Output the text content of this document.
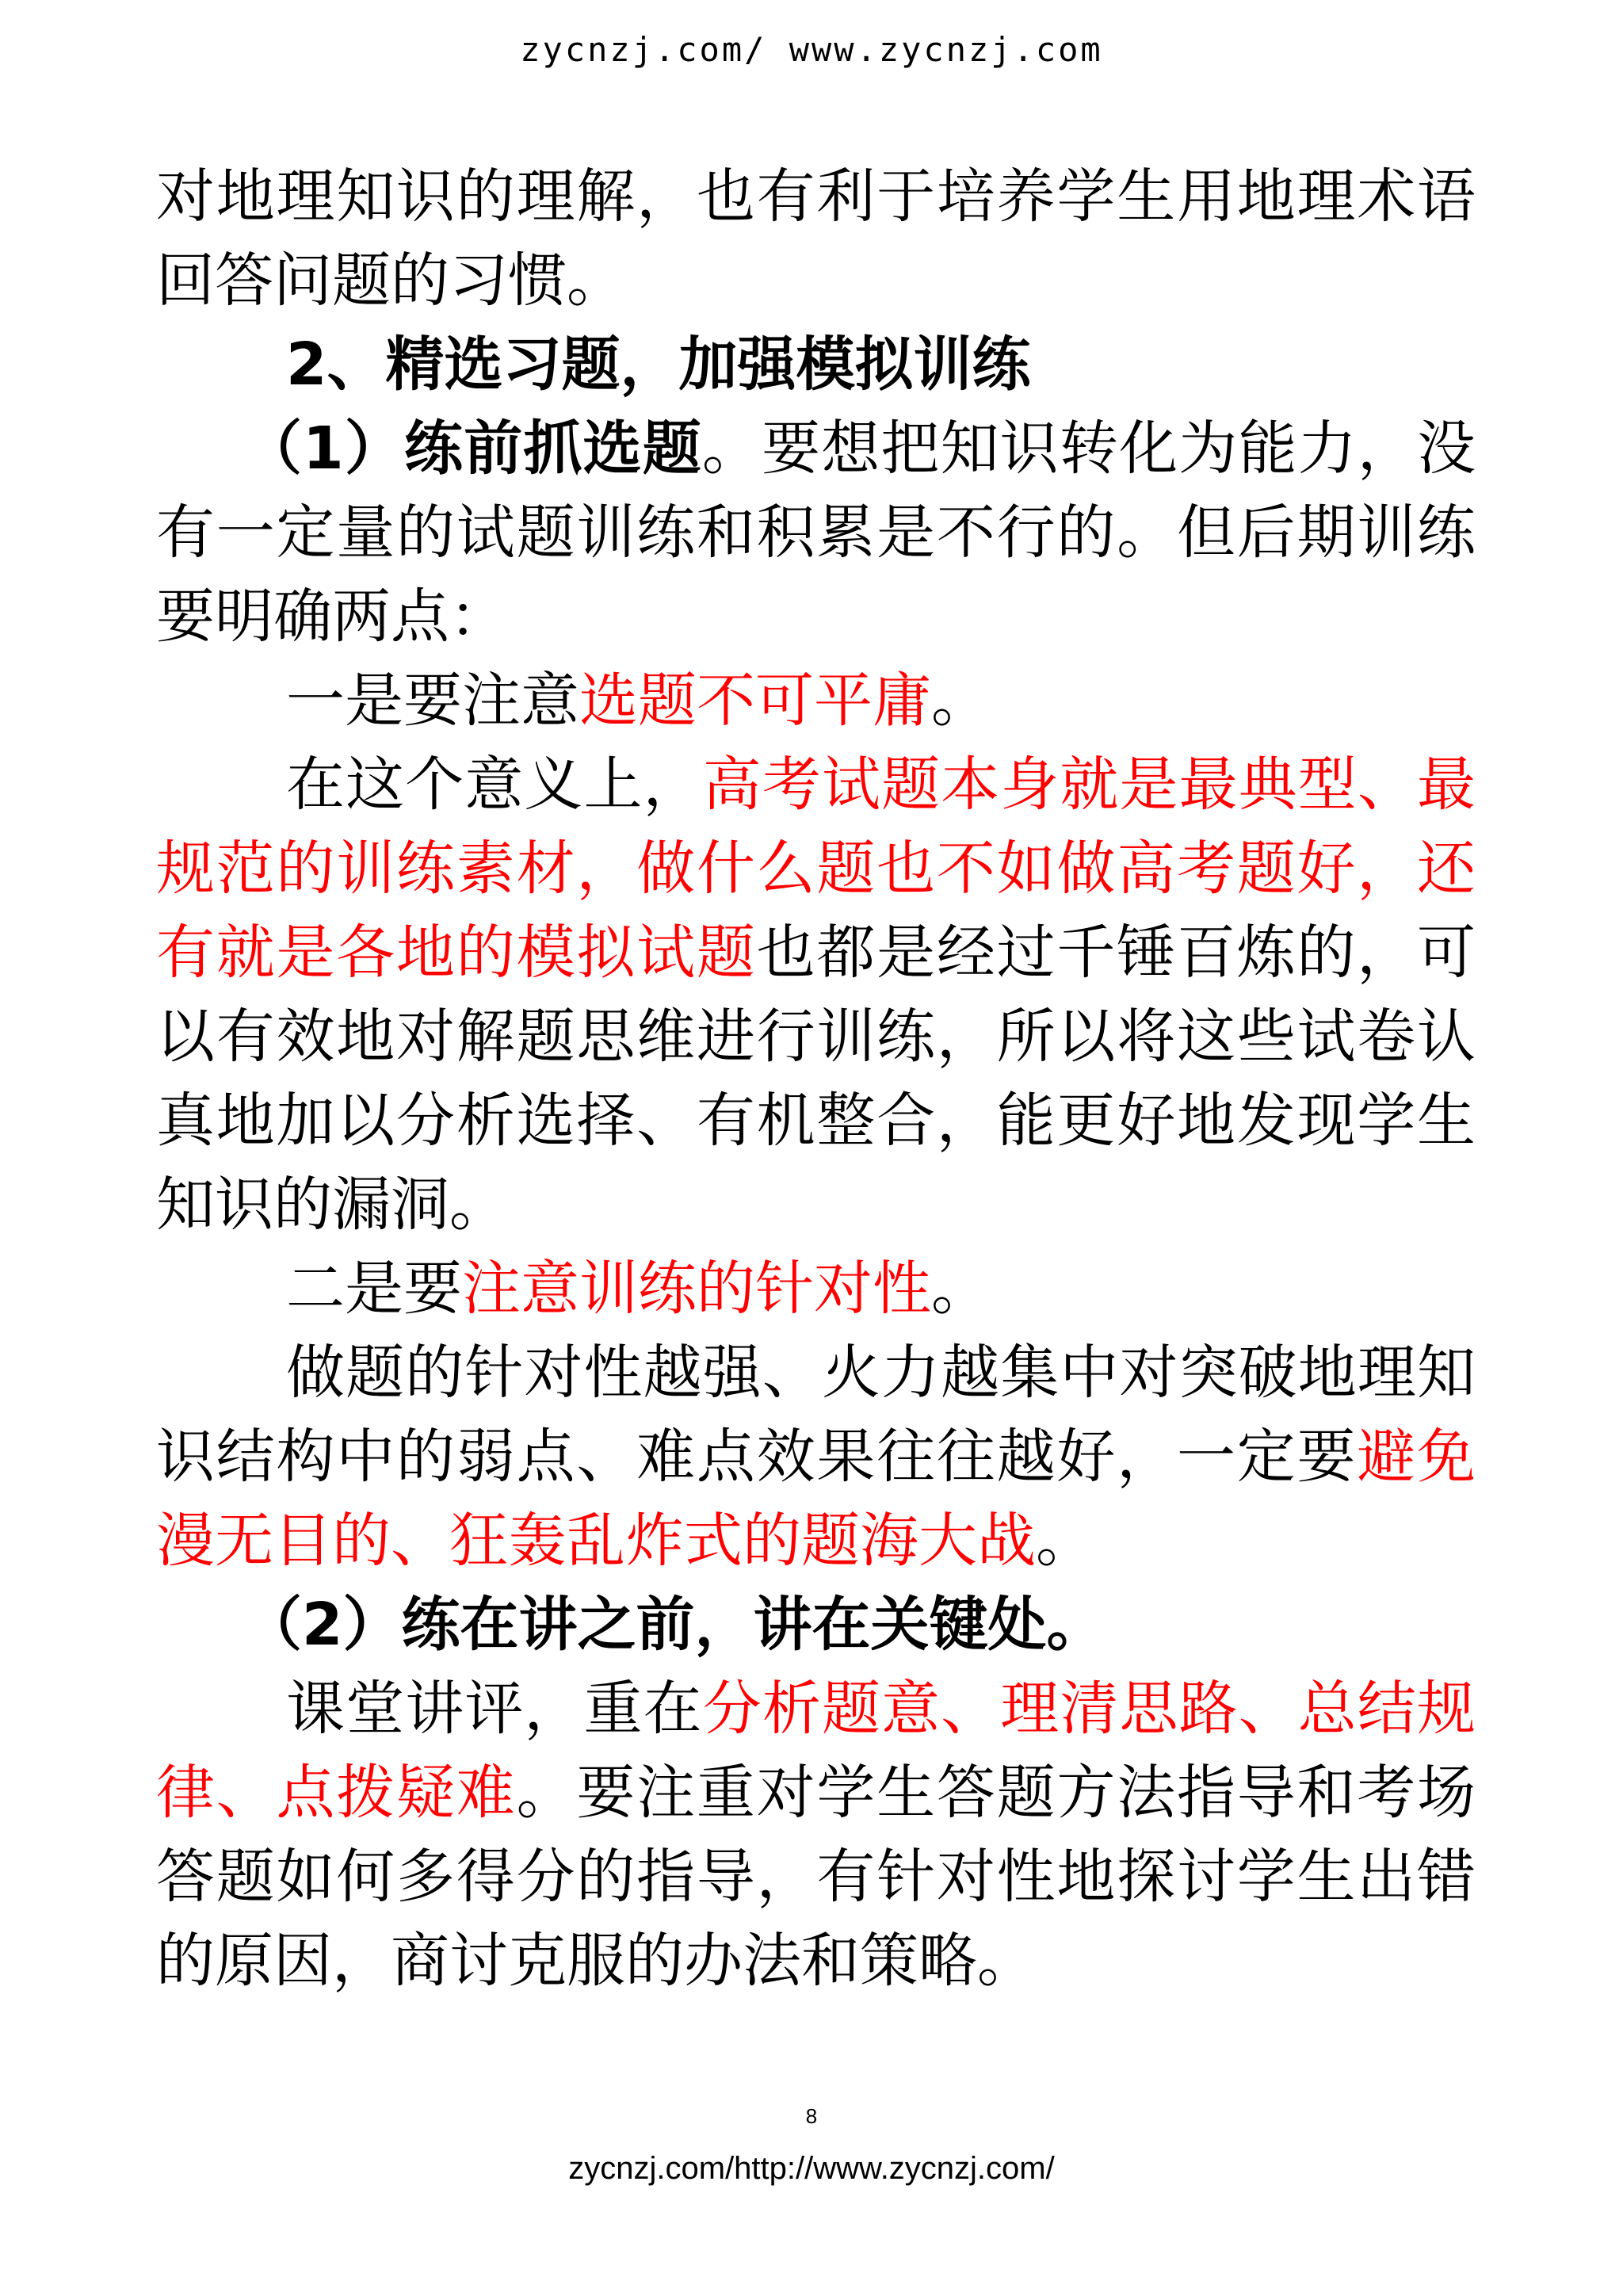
zycnzj.com/ www.zycnzj.com

对地理知识的理解，也有利于培养学生用地理术语回答问题的习惯。

2、精选习题，加强模拟训练

（1）练前抓选题。要想把知识转化为能力，没有一定量的试题训练和积累是不行的。但后期训练要明确两点：

一是要注意选题不可平庸。

在这个意义上，高考试题本身就是最典型、最规范的训练素材，做什么题也不如做高考题好，还有就是各地的模拟试题也都是经过千锤百炼的，可以有效地对解题思维进行训练，所以将这些试卷认真地加以分析选择、有机整合，能更好地发现学生知识的漏洞。

二是要注意训练的针对性。

做题的针对性越强、火力越集中对突破地理知识结构中的弱点、难点效果往往越好，一定要避免漫无目的、狂轰乱炸式的题海大战。

（2）练在讲之前，讲在关键处。

课堂讲评，重在分析题意、理清思路、总结规律、点拨疑难。要注重对学生答题方法指导和考场答题如何多得分的指导，有针对性地探讨学生出错的原因，商讨克服的办法和策略。

8
zycnzj.com/http://www.zycnzj.com/
